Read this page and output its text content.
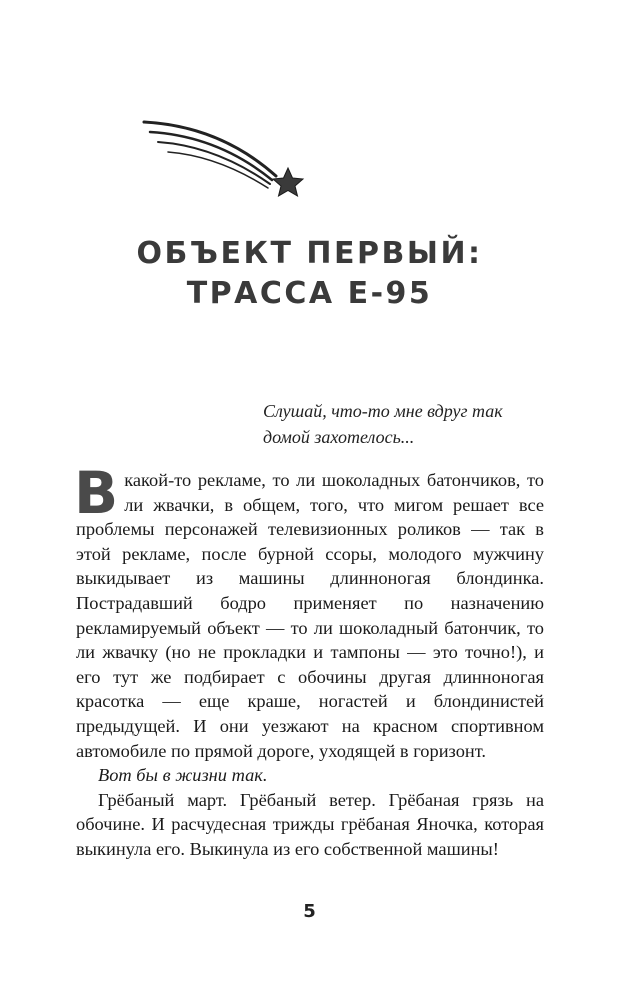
ОБЪЕКТ ПЕРВЫЙ:
ТРАССА Е-95
Слушай, что-то мне вдруг так
домой захотелось...

Вкакой-то рекламе, то ли шоколадных батончиков, то ли жвачки, в общем, того, что мигом решает все проблемы персонажей телевизионных роликов — так в этой рекламе, после бурной ссоры, молодого мужчину выкидывает из машины длинноногая блондинка. Пострадавший бодро применяет по назначению рекламируемый объект — то ли шоколадный батончик, то ли жвачку (но не прокладки и тампоны — это точно!), и его тут же подбирает с обочины другая длинноногая красотка — еще краше, ногастей и блондинистей предыдущей. И они уезжают на красном спортивном автомобиле по прямой дороге, уходящей в горизонт.

Вот бы в жизни так.

Грёбаный март. Грёбаный ветер. Грёбаная грязь на обочине. И расчудесная трижды грёбаная Яночка, которая выкинула его. Выкинула из его собственной машины!

5
